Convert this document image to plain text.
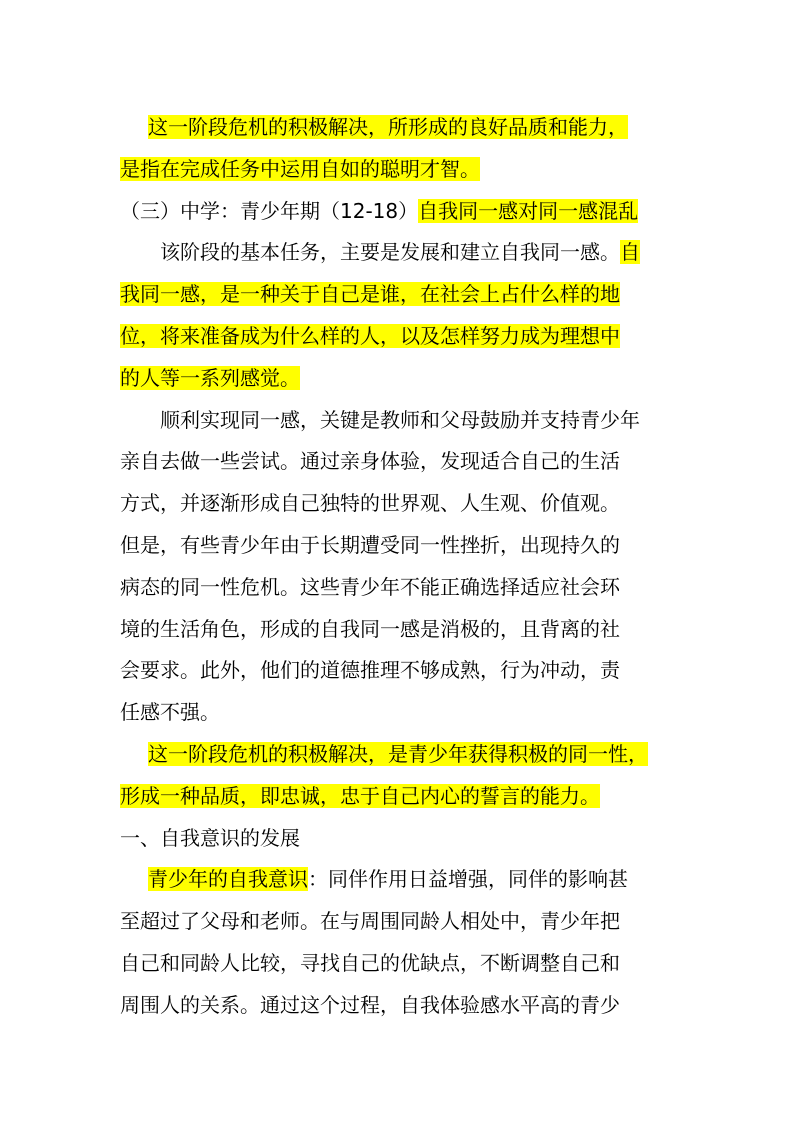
　　这一阶段危机的积极解决，所形成的良好品质和能力，
是指在完成任务中运用自如的聪明才智。
（三）中学：青少年期（12-18）自我同一感对同一感混乱
　　该阶段的基本任务，主要是发展和建立自我同一感。自
我同一感，是一种关于自己是谁，在社会上占什么样的地
位，将来准备成为什么样的人，以及怎样努力成为理想中
的人等一系列感觉。
　　顺利实现同一感，关键是教师和父母鼓励并支持青少年
亲自去做一些尝试。通过亲身体验，发现适合自己的生活
方式，并逐渐形成自己独特的世界观、人生观、价值观。
但是，有些青少年由于长期遭受同一性挫折，出现持久的
病态的同一性危机。这些青少年不能正确选择适应社会环
境的生活角色，形成的自我同一感是消极的，且背离的社
会要求。此外，他们的道德推理不够成熟，行为冲动，责
任感不强。
　　这一阶段危机的积极解决，是青少年获得积极的同一性，
形成一种品质，即忠诚，忠于自己内心的誓言的能力。
一、自我意识的发展
　　青少年的自我意识：同伴作用日益增强，同伴的影响甚
至超过了父母和老师。在与周围同龄人相处中，青少年把
自己和同龄人比较，寻找自己的优缺点，不断调整自己和
周围人的关系。通过这个过程，自我体验感水平高的青少
